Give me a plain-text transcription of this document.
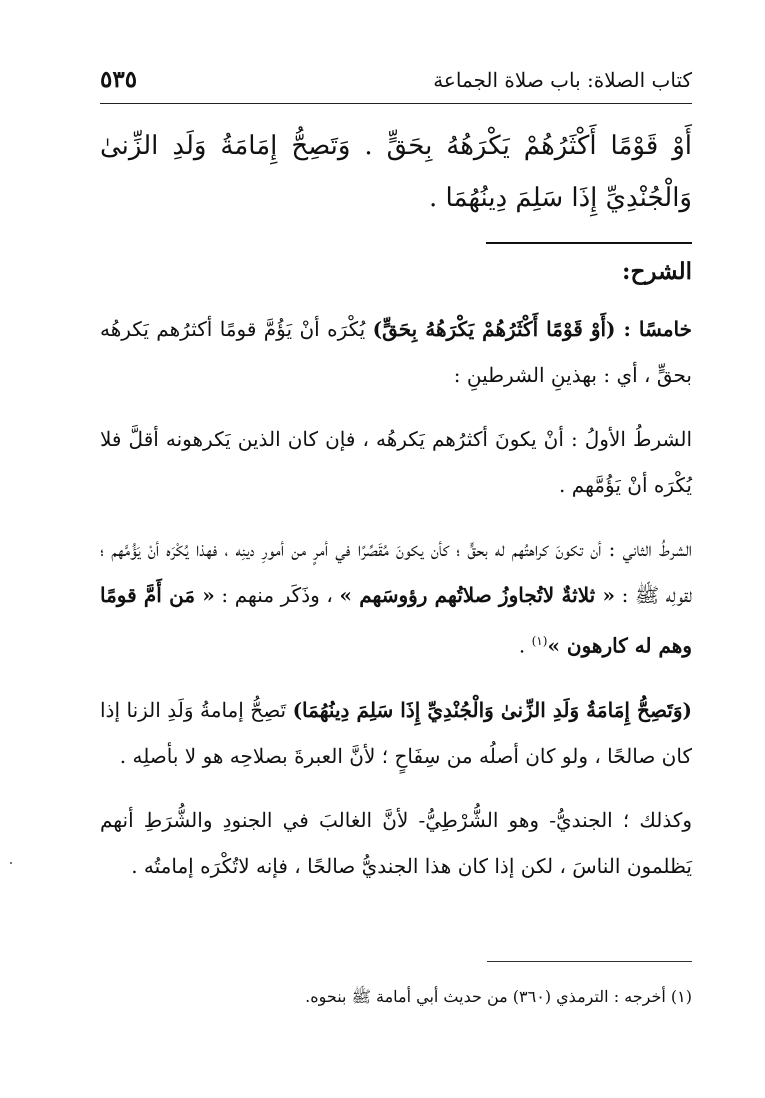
كتاب الصلاة: باب صلاة الجماعة
٥٣٥
أَوْ قَوْمًا أَكْثَرُهُمْ يَكْرَهُهُ بِحَقٍّ . وَتَصِحُّ إِمَامَةُ وَلَدِ الزِّنىٰ وَالْجُنْدِيِّ إِذَا سَلِمَ دِينُهُمَا .
الشرح:

خامسًا : (أَوْ قَوْمًا أَكْثَرُهُمْ يَكْرَهُهُ بِحَقٍّ) يُكْرَه أنْ يَؤُمَّ قومًا أكثرُهم يَكرهُه بحقٍّ ، أي : بهذينِ الشرطينِ :

الشرطُ الأولُ : أنْ يكونَ أكثرُهم يَكرهُه ، فإن كان الذين يَكرهونه أقلَّ فلا يُكْرَه أنْ يَؤُمَّهم .

الشرطُ الثاني : أن تكونَ كراهتُهم له بحقٍّ ؛ كأن يكونَ مُقَصِّرًا في أمرٍ من أمورِ دينِه ، فهذا يُكْرَه أنْ يَؤُمَّهم ؛ لقولِه ﷺ : « ثلاثةٌ لاتُجاوزُ صلاتُهم رؤوسَهم » ، وذَكَر منهم : « مَن أَمَّ قومًا وهم له كارهون »$^{(١)}$ .

(وَتَصِحُّ إِمَامَةُ وَلَدِ الزِّنىٰ وَالْجُنْدِيِّ إِذَا سَلِمَ دِينُهُمَا) تَصِحُّ إمامةُ وَلَدِ الزنا إذا كان صالحًا ، ولو كان أصلُه من سِفَاحٍ ؛ لأنَّ العبرةَ بصلاحِه هو لا بأصلِه .

وكذلك ؛ الجنديُّ- وهو الشُّرْطِيُّ- لأنَّ الغالبَ في الجنودِ والشُّرَطِ أنهم يَظلمون الناسَ ، لكن إذا كان هذا الجنديُّ صالحًا ، فإنه لاتُكْرَه إمامتُه .

(١) أخرجه : الترمذي (٣٦٠) من حديث أبي أمامة ﷺ بنحوه.
